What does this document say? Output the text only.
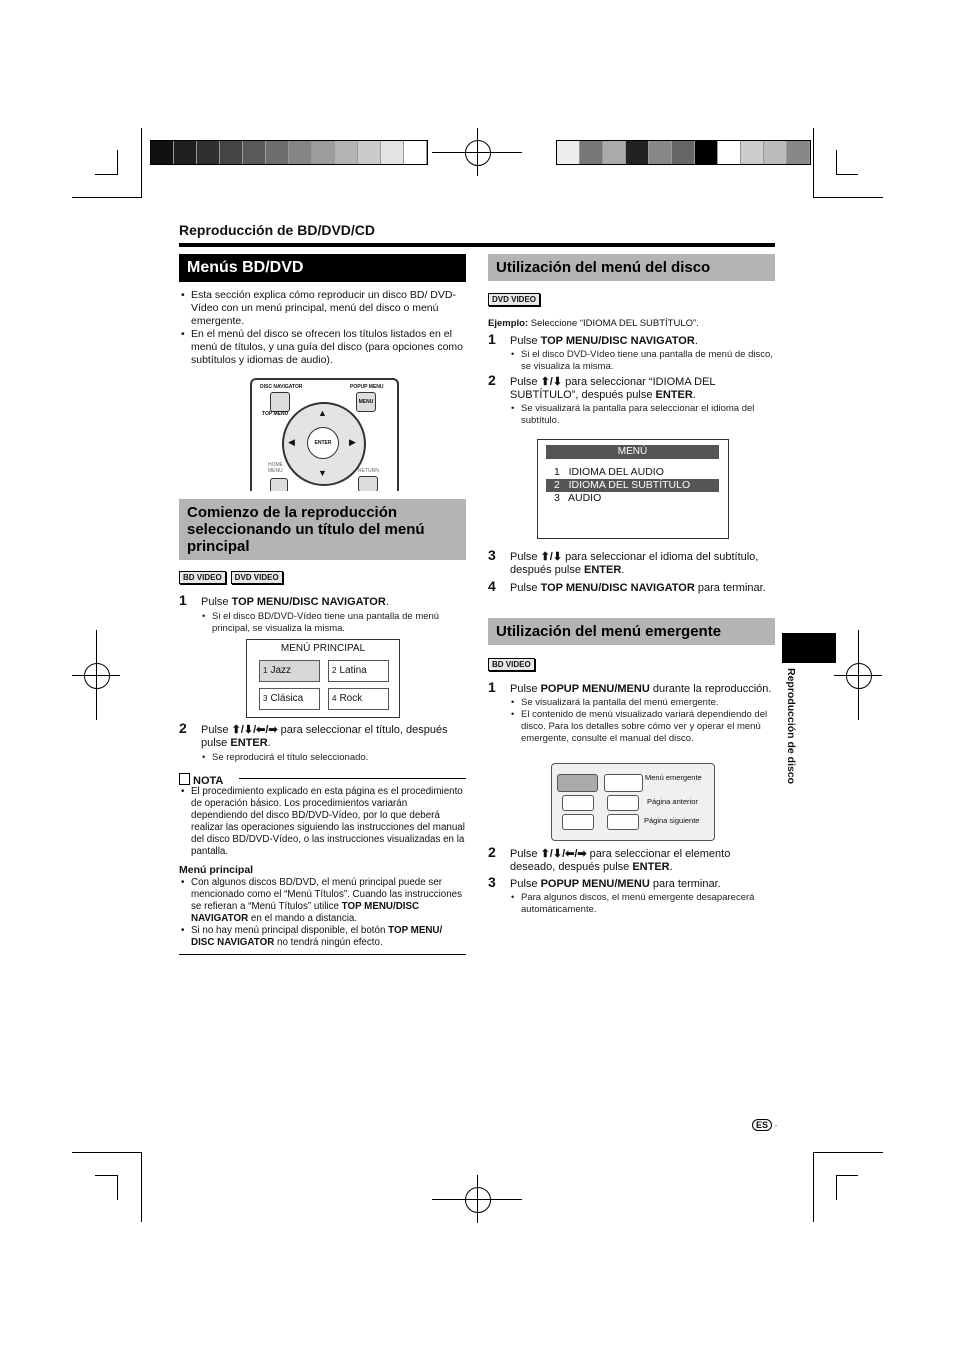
Reproducción de BD/DVD/CD
Menús BD/DVD

• Esta sección explica cómo reproducir un disco BD/ DVD-Vídeo con un menú principal, menú del disco o menú emergente.

• En el menú del disco se ofrecen los títulos listados en el menú de títulos, y una guía del disco (para opciones como subtítulos y idiomas de audio).

DISC NAVIGATOR
TOP MENU
POPUP MENU
MENU
▲
▼
◀	▶
ENTER
HOME MENU	RETURN
Comienzo de la reproducción seleccionando un título del menú principal
BD VIDEO DVD VIDEO

1 Pulse TOP MENU/DISC NAVIGATOR.

• Si el disco BD/DVD-Vídeo tiene una pantalla de menú principal, se visualiza la misma.

MENÚ PRINCIPAL
1 Jazz	2 Latina
3 Clásica	4 Rock

2 Pulse ⬆/⬇/⬅/➡ para seleccionar el título, después pulse ENTER.

• Se reproducirá el título seleccionado.

NOTA

• El procedimiento explicado en esta página es el procedimiento de operación básico. Los procedimientos variarán dependiendo del disco BD/DVD-Vídeo, por lo que deberá realizar las operaciones siguiendo las instrucciones del manual del disco BD/DVD-Vídeo, o las instrucciones visualizadas en la pantalla.

Menú principal

• Con algunos discos BD/DVD, el menú principal puede ser mencionado como el “Menú Títulos”. Cuando las instrucciones se refieran a “Menú Títulos” utilice TOP MENU/DISC NAVIGATOR en el mando a distancia.

• Si no hay menú principal disponible, el botón TOP MENU/ DISC NAVIGATOR no tendrá ningún efecto.

Utilización del menú del disco
DVD VIDEO
Ejemplo: Seleccione “IDIOMA DEL SUBTÍTULO”.

1 Pulse TOP MENU/DISC NAVIGATOR.

• Si el disco DVD-Vídeo tiene una pantalla de menú de disco, se visualiza la misma.

2 Pulse ⬆/⬇ para seleccionar “IDIOMA DEL SUBTÍTULO”, después pulse ENTER.

• Se visualizará la pantalla para seleccionar el idioma del subtítulo.

MENÚ
1   IDIOMA DEL AUDIO
2   IDIOMA DEL SUBTÍTULO
3   AUDIO

3 Pulse ⬆/⬇ para seleccionar el idioma del subtítulo, después pulse ENTER.

4 Pulse TOP MENU/DISC NAVIGATOR para terminar.

Utilización del menú emergente
BD VIDEO

1 Pulse POPUP MENU/MENU durante la reproducción.

• Se visualizará la pantalla del menú emergente.

• El contenido de menú visualizado variará dependiendo del disco. Para los detalles sobre cómo ver y operar el menú emergente, consulte el manual del disco.

Menú emergente
Página anterior
Página siguiente

2 Pulse ⬆/⬇/⬅/➡ para seleccionar el elemento deseado, después pulse ENTER.

3 Pulse POPUP MENU/MENU para terminar.

• Para algunos discos, el menú emergente desaparecerá automáticamente.

Reproducción de disco
ES ·
